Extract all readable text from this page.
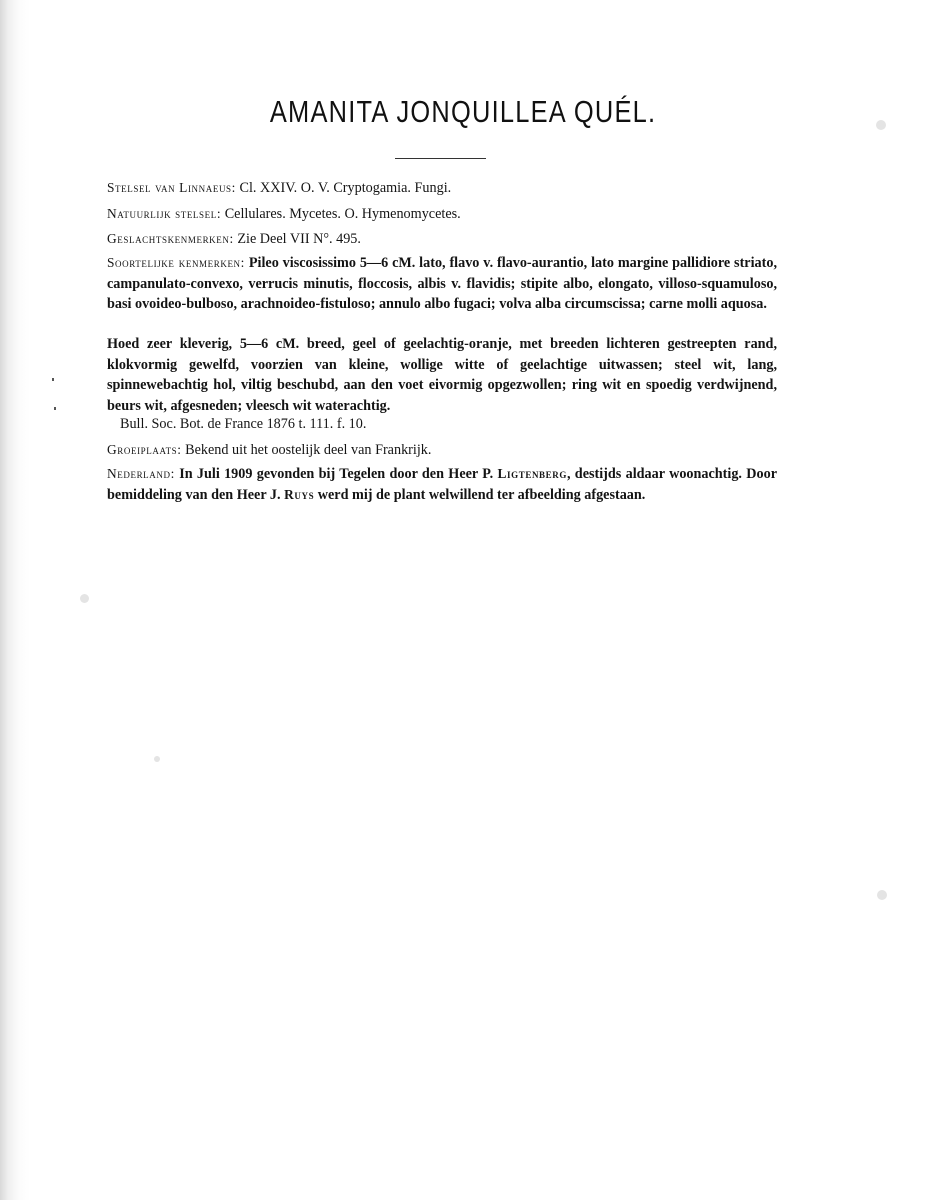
AMANITA JONQUILLEA QUÉL.

Stelsel van Linnaeus: Cl. XXIV. O. V. Cryptogamia. Fungi.

Natuurlijk stelsel: Cellulares. Mycetes. O. Hymenomycetes.

Geslachtskenmerken: Zie Deel VII N°. 495.

Soortelijke kenmerken: Pileo viscosissimo 5—6 cM. lato, flavo v. flavo-aurantio, lato margine pallidiore striato, campanulato-convexo, verrucis minutis, floccosis, albis v. flavidis; stipite albo, elongato, villoso-squamuloso, basi ovoideo-bulboso, arachnoideo-fistuloso; annulo albo fugaci; volva alba circumscissa; carne molli aquosa.

Hoed zeer kleverig, 5—6 cM. breed, geel of geelachtig-oranje, met breeden lichteren gestreepten rand, klokvormig gewelfd, voorzien van kleine, wollige witte of geelachtige uitwassen; steel wit, lang, spinnewebachtig hol, viltig beschubd, aan den voet eivormig opgezwollen; ring wit en spoedig verdwijnend, beurs wit, afgesneden; vleesch wit waterachtig.

Bull. Soc. Bot. de France 1876 t. 111. f. 10.

Groeiplaats: Bekend uit het oostelijk deel van Frankrijk.

Nederland: In Juli 1909 gevonden bij Tegelen door den Heer P. Ligtenberg, destijds aldaar woonachtig. Door bemiddeling van den Heer J. Ruys werd mij de plant welwillend ter afbeelding afgestaan.
